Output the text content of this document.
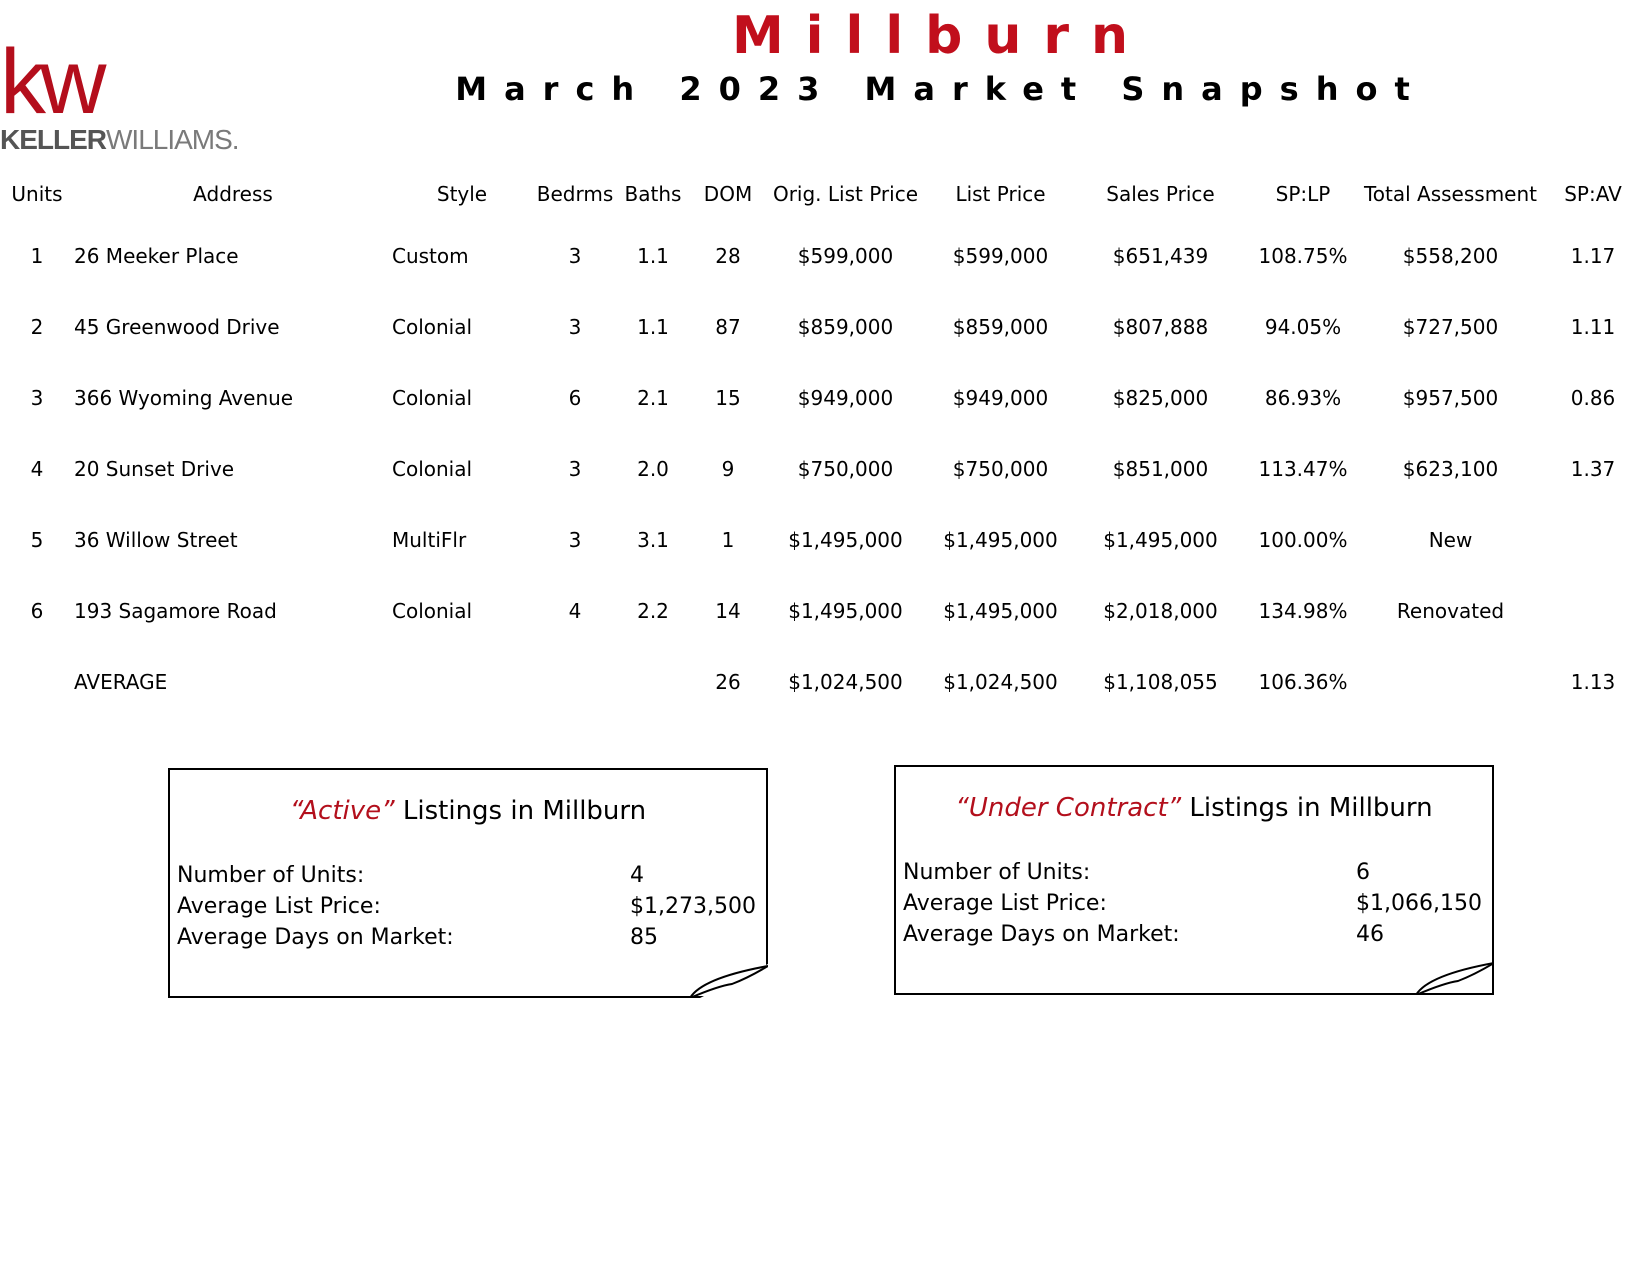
kw
KELLERWILLIAMS.
Millburn
March 2023 Market Snapshot
Units	Address	Style	Bedrms	Baths	DOM	Orig. List Price	List Price	Sales Price	SP:LP	Total Assessment	SP:AV
1	26 Meeker Place	Custom	3	1.1	28	$599,000	$599,000	$651,439	108.75%	$558,200	1.17
2	45 Greenwood Drive	Colonial	3	1.1	87	$859,000	$859,000	$807,888	94.05%	$727,500	1.11
3	366 Wyoming Avenue	Colonial	6	2.1	15	$949,000	$949,000	$825,000	86.93%	$957,500	0.86
4	20 Sunset Drive	Colonial	3	2.0	9	$750,000	$750,000	$851,000	113.47%	$623,100	1.37
5	36 Willow Street	MultiFlr	3	3.1	1	$1,495,000	$1,495,000	$1,495,000	100.00%	New	
6	193 Sagamore Road	Colonial	4	2.2	14	$1,495,000	$1,495,000	$2,018,000	134.98%	Renovated	
	AVERAGE				26	$1,024,500	$1,024,500	$1,108,055	106.36%		1.13
“Active” Listings in Millburn
Number of Units:	4
Average List Price:	$1,273,500
Average Days on Market:	85
“Under Contract” Listings in Millburn
Number of Units:	6
Average List Price:	$1,066,150
Average Days on Market:	46
